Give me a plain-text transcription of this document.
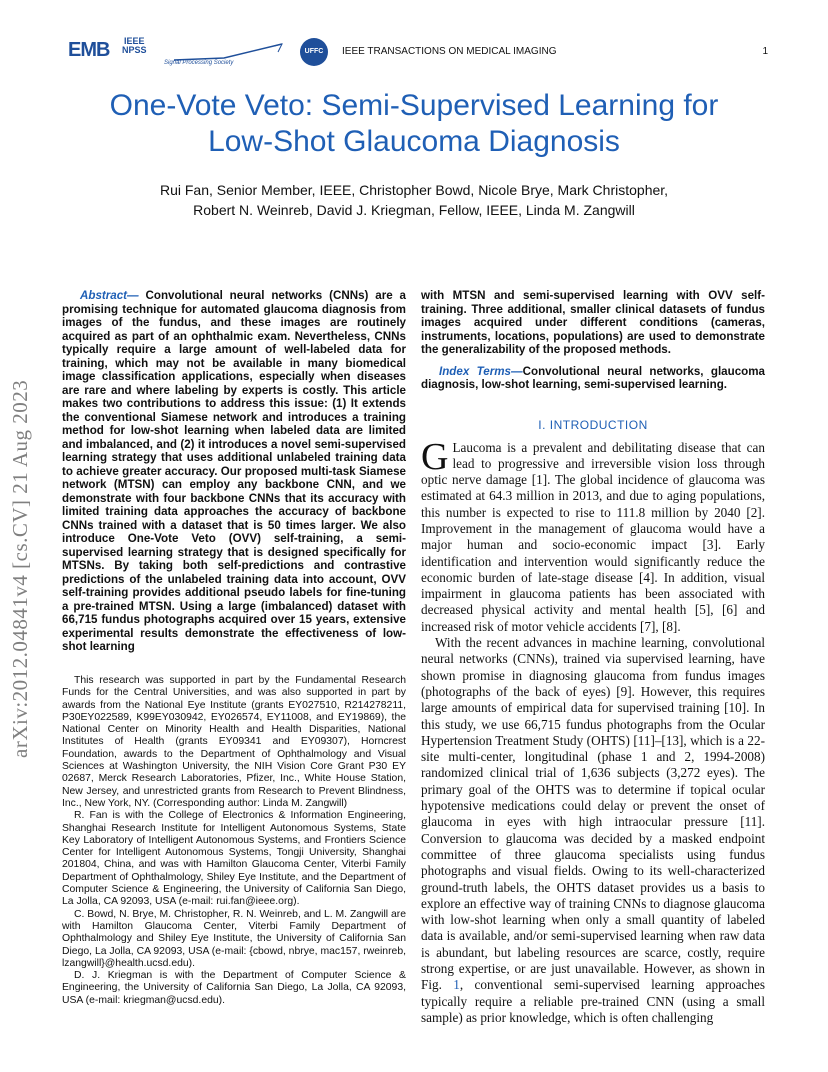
EMB IEEE
NPSS
Signal Processing Society
UFFC	IEEE TRANSACTIONS ON MEDICAL IMAGING	1
One-Vote Veto: Semi-Supervised Learning for
Low-Shot Glaucoma Diagnosis
Rui Fan, Senior Member, IEEE, Christopher Bowd, Nicole Brye, Mark Christopher,
Robert N. Weinreb, David J. Kriegman, Fellow, IEEE, Linda M. Zangwill
arXiv:2012.04841v4 [cs.CV] 21 Aug 2023

Abstract— Convolutional neural networks (CNNs) are a promising technique for automated glaucoma diagnosis from images of the fundus, and these images are routinely acquired as part of an ophthalmic exam. Nevertheless, CNNs typically require a large amount of well-labeled data for training, which may not be available in many biomedical image classification applications, especially when diseases are rare and where labeling by experts is costly. This article makes two contributions to address this issue: (1) It extends the conventional Siamese network and introduces a training method for low-shot learning when labeled data are limited and imbalanced, and (2) it introduces a novel semi-supervised learning strategy that uses additional unlabeled training data to achieve greater accuracy. Our proposed multi-task Siamese network (MTSN) can employ any backbone CNN, and we demonstrate with four backbone CNNs that its accuracy with limited training data approaches the accuracy of backbone CNNs trained with a dataset that is 50 times larger. We also introduce One-Vote Veto (OVV) self-training, a semi-supervised learning strategy that is designed specifically for MTSNs. By taking both self-predictions and contrastive predictions of the unlabeled training data into account, OVV self-training provides additional pseudo labels for fine-tuning a pre-trained MTSN. Using a large (imbalanced) dataset with 66,715 fundus photographs acquired over 15 years, extensive experimental results demonstrate the effectiveness of low-shot learning

This research was supported in part by the Fundamental Research Funds for the Central Universities, and was also supported in part by awards from the National Eye Institute (grants EY027510, R214278211, P30EY022589, K99EY030942, EY026574, EY11008, and EY19869), the National Center on Minority Health and Health Disparities, National Institutes of Health (grants EY09341 and EY09307), Horncrest Foundation, awards to the Department of Ophthalmology and Visual Sciences at Washington University, the NIH Vision Core Grant P30 EY 02687, Merck Research Laboratories, Pfizer, Inc., White House Station, New Jersey, and unrestricted grants from Research to Prevent Blindness, Inc., New York, NY. (Corresponding author: Linda M. Zangwill)

R. Fan is with the College of Electronics & Information Engineering, Shanghai Research Institute for Intelligent Autonomous Systems, State Key Laboratory of Intelligent Autonomous Systems, and Frontiers Science Center for Intelligent Autonomous Systems, Tongji University, Shanghai 201804, China, and was with Hamilton Glaucoma Center, Viterbi Family Department of Ophthalmology, Shiley Eye Institute, and the Department of Computer Science & Engineering, the University of California San Diego, La Jolla, CA 92093, USA (e-mail: rui.fan@ieee.org).

C. Bowd, N. Brye, M. Christopher, R. N. Weinreb, and L. M. Zangwill are with Hamilton Glaucoma Center, Viterbi Family Department of Ophthalmology and Shiley Eye Institute, the University of California San Diego, La Jolla, CA 92093, USA (e-mail: {cbowd, nbrye, mac157, rweinreb, lzangwill}@health.ucsd.edu).

D. J. Kriegman is with the Department of Computer Science & Engineering, the University of California San Diego, La Jolla, CA 92093, USA (e-mail: kriegman@ucsd.edu).

with MTSN and semi-supervised learning with OVV self-training. Three additional, smaller clinical datasets of fundus images acquired under different conditions (cameras, instruments, locations, populations) are used to demonstrate the generalizability of the proposed methods.

Index Terms—Convolutional neural networks, glaucoma diagnosis, low-shot learning, semi-supervised learning.

I. INTRODUCTION

G Laucoma is a prevalent and debilitating disease that can lead to progressive and irreversible vision loss through optic nerve damage [1]. The global incidence of glaucoma was estimated at 64.3 million in 2013, and due to aging populations, this number is expected to rise to 111.8 million by 2040 [2]. Improvement in the management of glaucoma would have a major human and socio-economic impact [3]. Early identification and intervention would significantly reduce the economic burden of late-stage disease [4]. In addition, visual impairment in glaucoma patients has been associated with decreased physical activity and mental health [5], [6] and increased risk of motor vehicle accidents [7], [8].

With the recent advances in machine learning, convolutional neural networks (CNNs), trained via supervised learning, have shown promise in diagnosing glaucoma from fundus images (photographs of the back of eyes) [9]. However, this requires large amounts of empirical data for supervised training [10]. In this study, we use 66,715 fundus photographs from the Ocular Hypertension Treatment Study (OHTS) [11]–[13], which is a 22-site multi-center, longitudinal (phase 1 and 2, 1994-2008) randomized clinical trial of 1,636 subjects (3,272 eyes). The primary goal of the OHTS was to determine if topical ocular hypotensive medications could delay or prevent the onset of glaucoma in eyes with high intraocular pressure [11]. Conversion to glaucoma was decided by a masked endpoint committee of three glaucoma specialists using fundus photographs and visual fields. Owing to its well-characterized ground-truth labels, the OHTS dataset provides us a basis to explore an effective way of training CNNs to diagnose glaucoma with low-shot learning when only a small quantity of labeled data is available, and/or semi-supervised learning when raw data is abundant, but labeling resources are scarce, costly, require strong expertise, or are just unavailable. However, as shown in Fig. 1, conventional semi-supervised learning approaches typically require a reliable pre-trained CNN (using a small sample) as prior knowledge, which is often challenging
